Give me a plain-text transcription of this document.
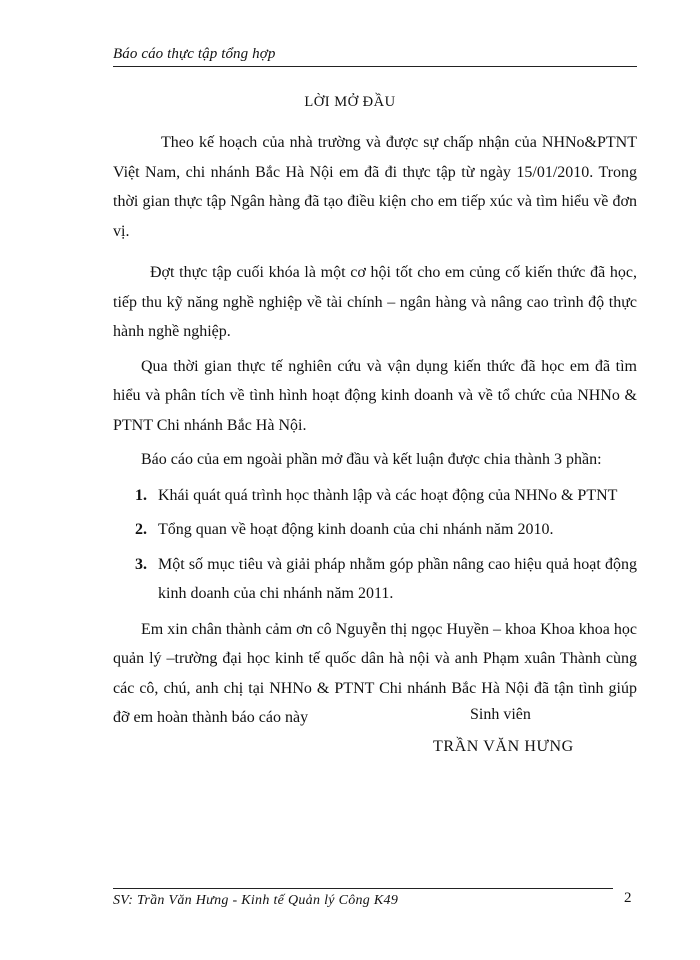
Báo cáo thực tập tổng hợp
LỜI MỞ ĐẦU

Theo kế hoạch của nhà trường và được sự chấp nhận của NHNo&PTNT Việt Nam, chi nhánh Bắc Hà Nội em đã đi thực tập từ ngày 15/01/2010. Trong thời gian thực tập Ngân hàng đã tạo điều kiện cho em tiếp xúc và tìm hiểu về đơn vị.

Đợt thực tập cuối khóa là một cơ hội tốt cho em củng cố kiến thức đã học, tiếp thu kỹ năng nghề nghiệp về tài chính – ngân hàng và nâng cao trình độ thực hành nghề nghiệp.

Qua thời gian thực tế nghiên cứu và vận dụng kiến thức đã học em đã tìm hiểu và phân tích về tình hình hoạt động kinh doanh và về tổ chức của NHNo & PTNT Chi nhánh Bắc Hà Nội.

Báo cáo của em ngoài phần mở đầu và kết luận được chia thành 3 phần:

1. Khái quát quá trình học thành lập và các hoạt động của NHNo & PTNT
2. Tổng quan về hoạt động kinh doanh của chi nhánh năm 2010.
3. Một số mục tiêu và giải pháp nhằm góp phần nâng cao hiệu quả hoạt động kinh doanh của chi nhánh năm 2011.

Em xin chân thành cảm ơn cô Nguyễn thị ngọc Huyền – khoa Khoa khoa học quản lý –trường đại học kinh tế quốc dân hà nội và anh Phạm xuân Thành cùng các cô, chú, anh chị tại NHNo & PTNT Chi nhánh Bắc Hà Nội đã tận tình giúp đỡ em hoàn thành báo cáo này	Sinh viên
TRẦN VĂN HƯNG
SV: Trần Văn Hưng - Kinh tế Quản lý Công K49	2
